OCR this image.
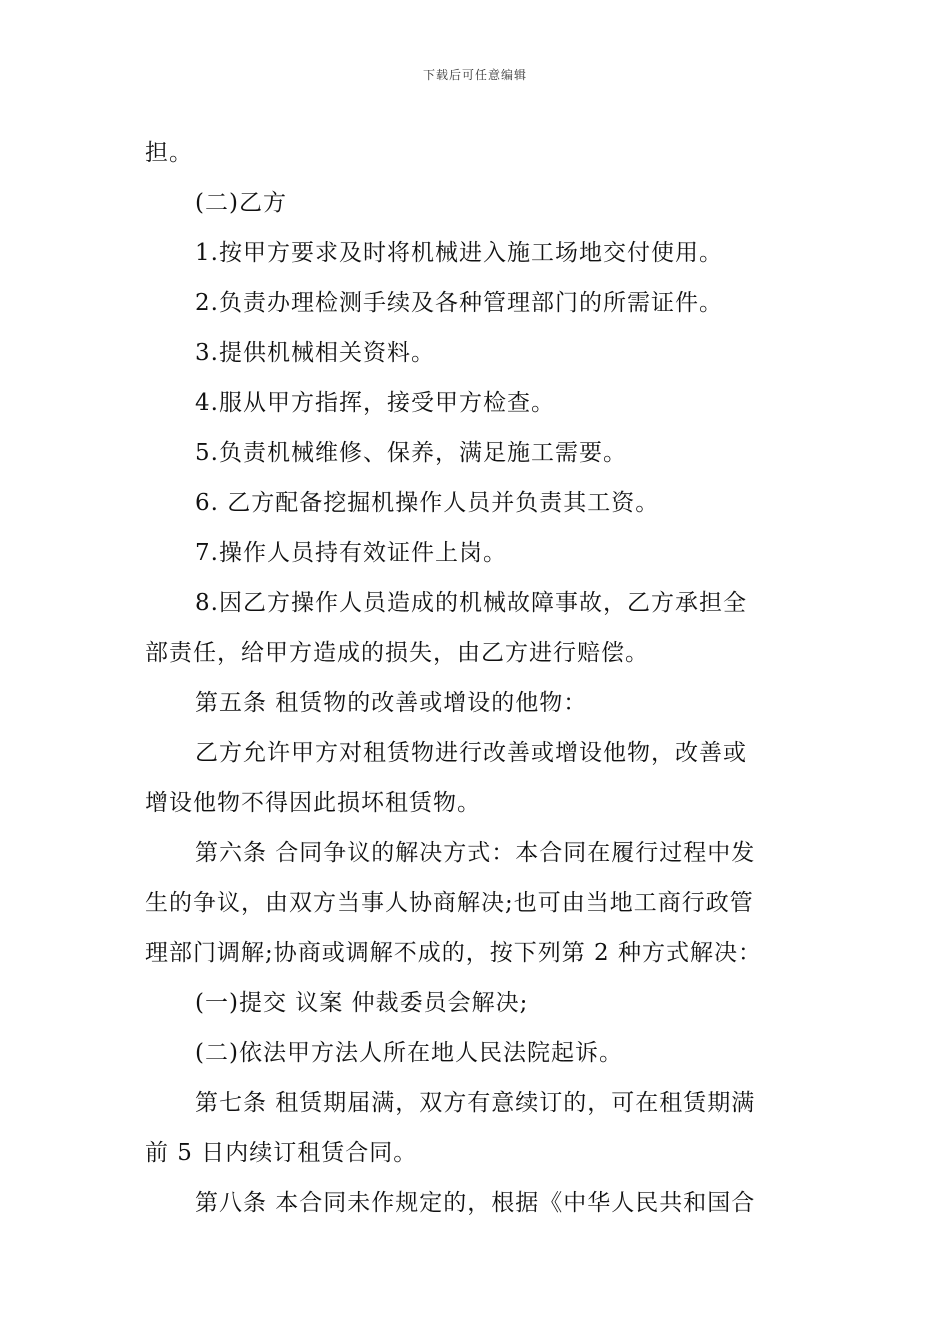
下载后可任意编辑
担。
(二)乙方
1.按甲方要求及时将机械进入施工场地交付使用。
2.负责办理检测手续及各种管理部门的所需证件。
3.提供机械相关资料。
4.服从甲方指挥，接受甲方检查。
5.负责机械维修、保养，满足施工需要。
6. 乙方配备挖掘机操作人员并负责其工资。
7.操作人员持有效证件上岗。
8.因乙方操作人员造成的机械故障事故，乙方承担全
部责任，给甲方造成的损失，由乙方进行赔偿。
第五条 租赁物的改善或增设的他物：
乙方允许甲方对租赁物进行改善或增设他物，改善或
增设他物不得因此损坏租赁物。
第六条 合同争议的解决方式：本合同在履行过程中发
生的争议，由双方当事人协商解决;也可由当地工商行政管
理部门调解;协商或调解不成的，按下列第 2 种方式解决：
(一)提交 议案 仲裁委员会解决;
(二)依法甲方法人所在地人民法院起诉。
第七条 租赁期届满，双方有意续订的，可在租赁期满
前 5 日内续订租赁合同。
第八条 本合同未作规定的，根据《中华人民共和国合
